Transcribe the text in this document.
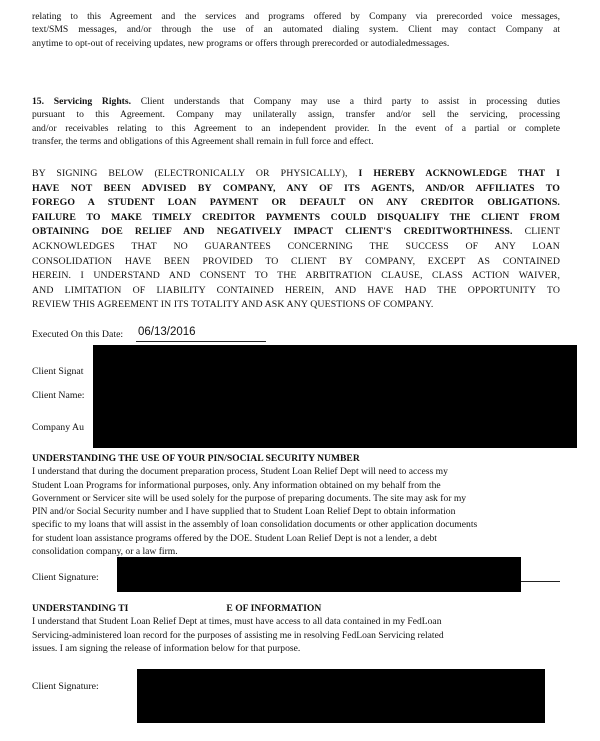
relating to this Agreement and the services and programs offered by Company via prerecorded voice messages,
text/SMS messages, and/or through the use of an automated dialing system. Client may contact Company at
anytime to opt-out of receiving updates, new programs or offers through prerecorded or autodialedmessages.
15. Servicing Rights. Client understands that Company may use a third party to assist in processing duties
pursuant to this Agreement. Company may unilaterally assign, transfer and/or sell the servicing, processing
and/or receivables relating to this Agreement to an independent provider. In the event of a partial or complete
transfer, the terms and obligations of this Agreement shall remain in full force and effect.
BY SIGNING BELOW (ELECTRONICALLY OR PHYSICALLY), I HEREBY ACKNOWLEDGE THAT I
HAVE NOT BEEN ADVISED BY COMPANY, ANY OF ITS AGENTS, AND/OR AFFILIATES TO
FOREGO A STUDENT LOAN PAYMENT OR DEFAULT ON ANY CREDITOR OBLIGATIONS.
FAILURE TO MAKE TIMELY CREDITOR PAYMENTS COULD DISQUALIFY THE CLIENT FROM
OBTAINING DOE RELIEF AND NEGATIVELY IMPACT CLIENT'S CREDITWORTHINESS. CLIENT
ACKNOWLEDGES THAT NO GUARANTEES CONCERNING THE SUCCESS OF ANY LOAN
CONSOLIDATION HAVE BEEN PROVIDED TO CLIENT BY COMPANY, EXCEPT AS CONTAINED
HEREIN. I UNDERSTAND AND CONSENT TO THE ARBITRATION CLAUSE, CLASS ACTION WAIVER,
AND LIMITATION OF LIABILITY CONTAINED HEREIN, AND HAVE HAD THE OPPORTUNITY TO
REVIEW THIS AGREEMENT IN ITS TOTALITY AND ASK ANY QUESTIONS OF COMPANY.
Executed On this Date: 06/13/2016
Client Signat
Client Name:
Company Au
UNDERSTANDING THE USE OF YOUR PIN/SOCIAL SECURITY NUMBER
I understand that during the document preparation process, Student Loan Relief Dept will need to access my
Student Loan Programs for informational purposes, only. Any information obtained on my behalf from the
Government or Servicer site will be used solely for the purpose of preparing documents. The site may ask for my
PIN and/or Social Security number and I have supplied that to Student Loan Relief Dept to obtain information
specific to my loans that will assist in the assembly of loan consolidation documents or other application documents
for student loan assistance programs offered by the DOE. Student Loan Relief Dept is not a lender, a debt
consolidation company, or a law firm.
Client Signature:
UNDERSTANDING TI	E OF INFORMATION
I understand that Student Loan Relief Dept at times, must have access to all data contained in my FedLoan
Servicing-administered loan record for the purposes of assisting me in resolving FedLoan Servicing related
issues. I am signing the release of information below for that purpose.
Client Signature:
